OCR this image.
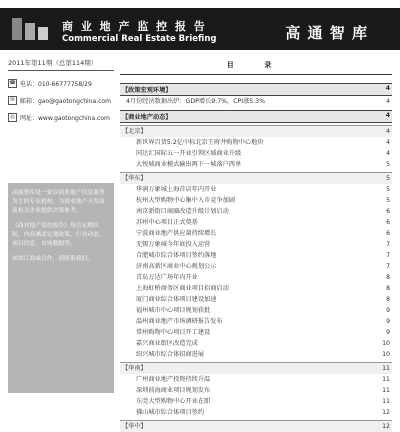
商 业 地 产 监 控 报 告
Commercial Real Estate Briefing	高 通 智 库
2011年第11期（总第114期）
☎ 电话：010-66777758/29
✉ 邮箱：gao@gaotongchina.com
◎ 网址：www.gaotongchina.com

高通智库是一家以商业地产信息服务为主的专业机构，为商业地产开发商及相关企业提供决策参考。

《商业地产监控报告》每月定期出版，内容涵盖宏观政策、行业动态、项目信息、市场数据等。

如需订阅或合作，请联系我们。

目 录
【政策宏观环境】	4
4月份经济数据出炉：GDP增长9.7%，CPI涨5.3%	4
【商业地产动态】	4
【北京】	4
新世界百货5.2亿中标北京王府井购物中心地块	4
同达汇国际五一开业引领区域商业升级	4
大悦城商业模式输出再下一城落户西单	5
【华东】	5
华润万象城上海首店年内开业	5
杭州大型购物中心集中入市竞争加剧	5
南京新街口商圈改造升级计划启动	6
苏州中心项目正式奠基	6
宁波商业地产供应量持续增长	6
无锡万象城今年底投入运营	7
合肥城市综合体项目签约落地	7
济南高新区商业中心规划公示	7
青岛万达广场年内开业	8
上海虹桥商务区商业项目招商启动	8
厦门商业综合体项目建设加速	8
福州城市中心项目规划获批	9
温州商业地产市场调研报告发布	9
常州购物中心项目开工建设	9
嘉兴商业街区改造完成	10
绍兴城市综合体招商进展	10
【华南】	11
广州商业地产投资持续升温	11
深圳前海商业项目规划发布	11
东莞大型购物中心开业在即	11
佛山城市综合体项目签约	12
【华中】	12
